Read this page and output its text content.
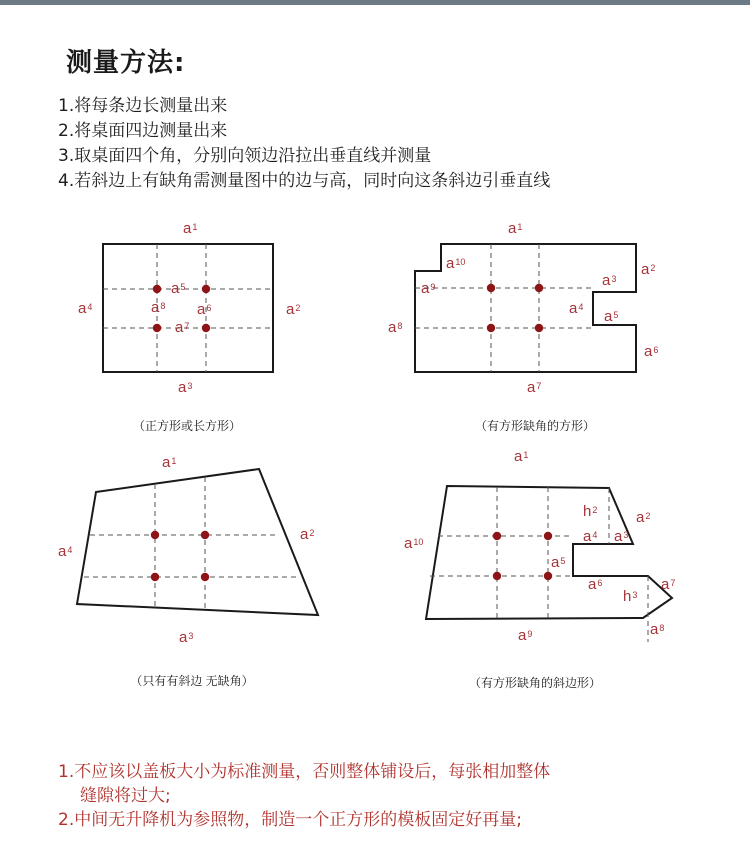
测量方法:
1.将每条边长测量出来
2.将桌面四边测量出来
3.取桌面四个角，分别向领边沿拉出垂直线并测量
4.若斜边上有缺角需测量图中的边与高，同时向这条斜边引垂直线
$a^1$
$a^2$
$a^3$
$a^4$
$a^5$
$a^6$
$a^7$
$a^8$
（正方形或长方形）
$a^1$
$a^2$
$a^3$
$a^4$
$a^5$
$a^6$
$a^7$
$a^8$
$a^9$
$a^{10}$
（有方形缺角的方形）
$a^1$
$a^2$
$a^3$
$a^4$
（只有有斜边 无缺角）
$a^1$
$a^2$
$a^3$
$a^4$
$a^5$
$a^6$	$a^7$
$a^8$
$a^9$
$a^{10}$
$h^2$
$h^3$
（有方形缺角的斜边形）
1.不应该以盖板大小为标准测量，否则整体铺设后，每张相加整体
缝隙将过大;
2.中间无升降机为参照物，制造一个正方形的模板固定好再量;
